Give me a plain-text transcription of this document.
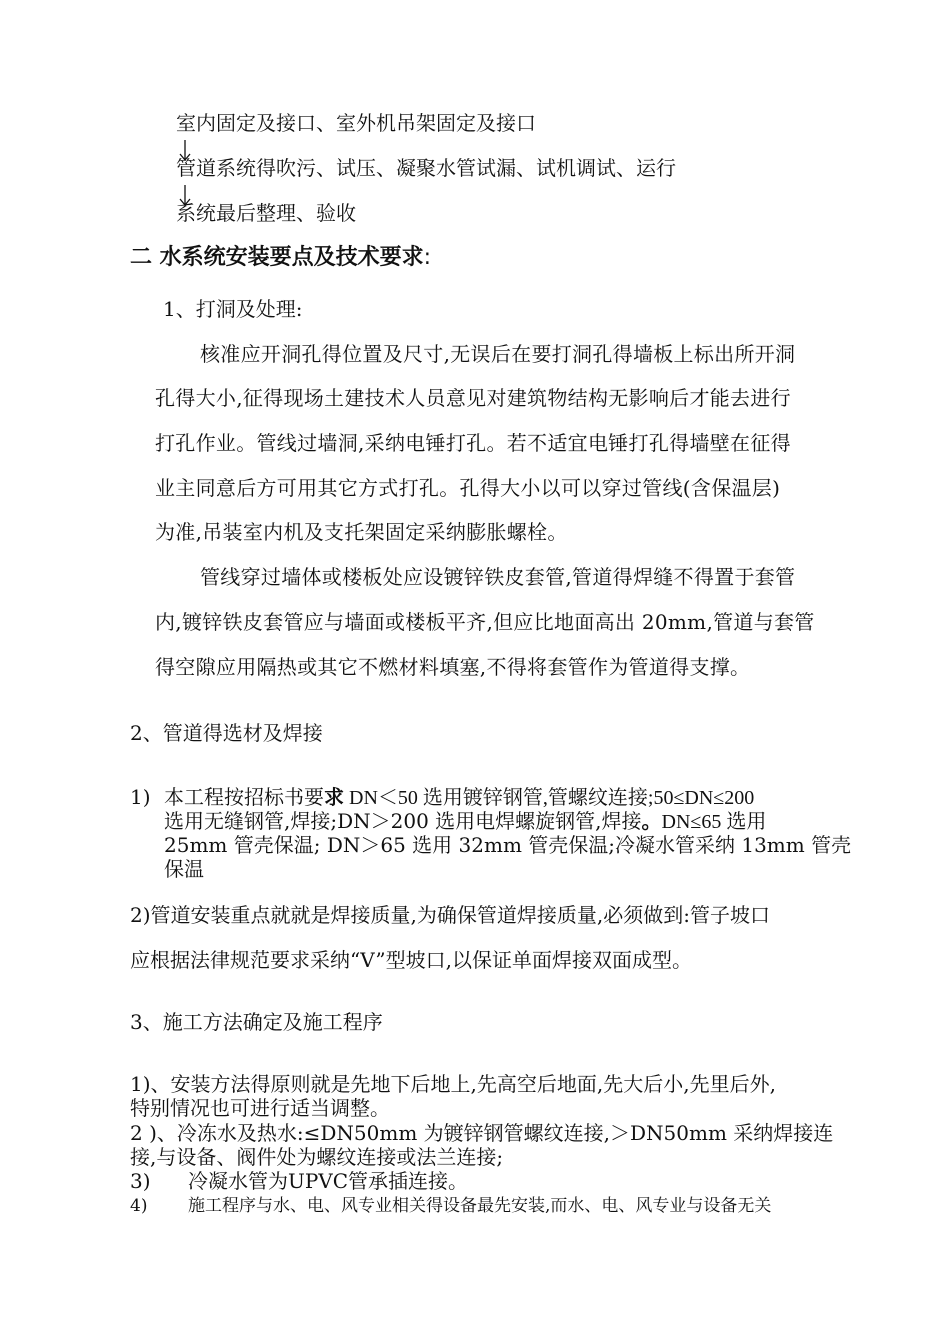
室内固定及接口、室外机吊架固定及接口
管道系统得吹污、试压、凝聚水管试漏、试机调试、运行
系统最后整理、验收
二 水系统安装要点及技术要求:
1、打洞及处理:
核准应开洞孔得位置及尺寸,无误后在要打洞孔得墙板上标出所开洞
孔得大小,征得现场土建技术人员意见对建筑物结构无影响后才能去进行
打孔作业。管线过墙洞,采纳电锤打孔。若不适宜电锤打孔得墙壁在征得
业主同意后方可用其它方式打孔。孔得大小以可以穿过管线(含保温层)
为准,吊装室内机及支托架固定采纳膨胀螺栓。
管线穿过墙体或楼板处应设镀锌铁皮套管,管道得焊缝不得置于套管
内,镀锌铁皮套管应与墙面或楼板平齐,但应比地面高出 20mm,管道与套管
得空隙应用隔热或其它不燃材料填塞,不得将套管作为管道得支撑。
2、管道得选材及焊接
1) 本工程按招标书要求 DN＜50 选用镀锌钢管,管螺纹连接;50≤DN≤200
选用无缝钢管,焊接;DN＞200 选用电焊螺旋钢管,焊接。DN≤65 选用
25mm 管壳保温; DN＞65 选用 32mm 管壳保温;冷凝水管采纳 13mm 管壳
保温
2)管道安装重点就就是焊接质量,为确保管道焊接质量,必须做到:管子坡口
应根据法律规范要求采纳“V”型坡口,以保证单面焊接双面成型。
3、施工方法确定及施工程序
1)、安装方法得原则就是先地下后地上,先高空后地面,先大后小,先里后外,
特别情况也可进行适当调整。
2 )、冷冻水及热水:≤DN50mm 为镀锌钢管螺纹连接,＞DN50mm 采纳焊接连
接,与设备、阀件处为螺纹连接或法兰连接;
3) 冷凝水管为UPVC管承插连接。
4) 施工程序与水、电、风专业相关得设备最先安装,而水、电、风专业与设备无关
